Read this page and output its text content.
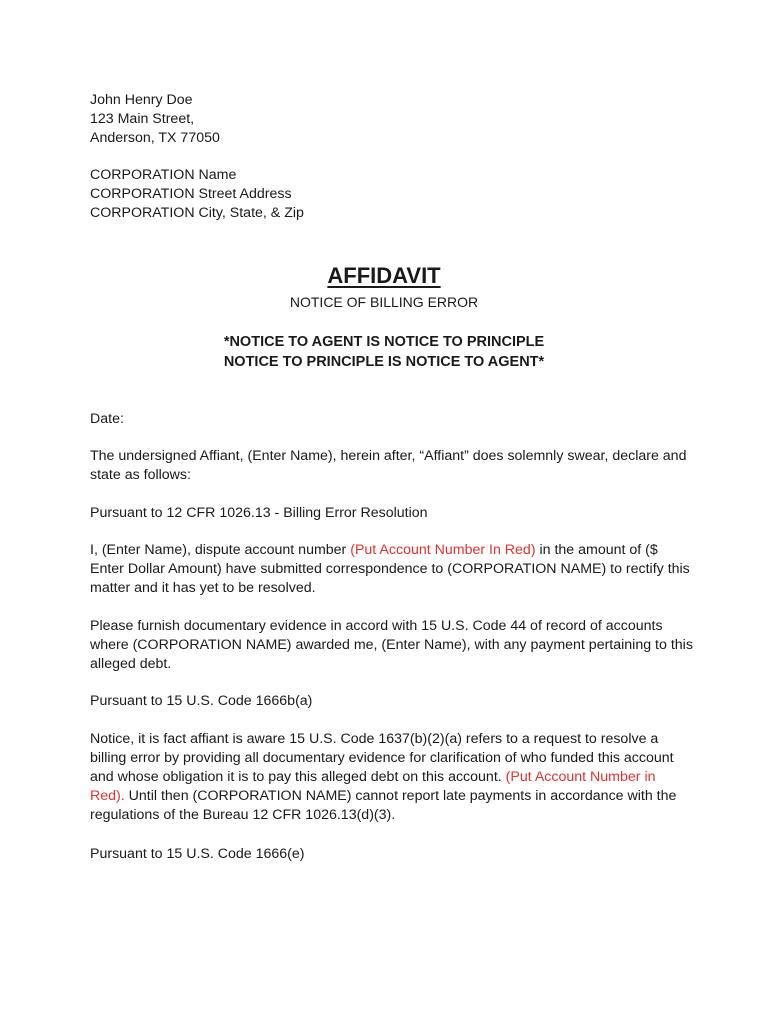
John Henry Doe
123 Main Street,
Anderson, TX 77050
CORPORATION Name
CORPORATION Street Address
CORPORATION City, State, & Zip
AFFIDAVIT
NOTICE OF BILLING ERROR
*NOTICE TO AGENT IS NOTICE TO PRINCIPLE
NOTICE TO PRINCIPLE IS NOTICE TO AGENT*
Date:
The undersigned Affiant, (Enter Name), herein after, “Affiant” does solemnly swear, declare and
state as follows:
Pursuant to 12 CFR 1026.13 - Billing Error Resolution
I, (Enter Name), dispute account number (Put Account Number In Red) in the amount of ($
Enter Dollar Amount) have submitted correspondence to (CORPORATION NAME) to rectify this
matter and it has yet to be resolved.
Please furnish documentary evidence in accord with 15 U.S. Code 44 of record of accounts
where (CORPORATION NAME) awarded me, (Enter Name), with any payment pertaining to this
alleged debt.
Pursuant to 15 U.S. Code 1666b(a)
Notice, it is fact affiant is aware 15 U.S. Code 1637(b)(2)(a) refers to a request to resolve a
billing error by providing all documentary evidence for clarification of who funded this account
and whose obligation it is to pay this alleged debt on this account. (Put Account Number in
Red). Until then (CORPORATION NAME) cannot report late payments in accordance with the
regulations of the Bureau 12 CFR 1026.13(d)(3).
Pursuant to 15 U.S. Code 1666(e)
